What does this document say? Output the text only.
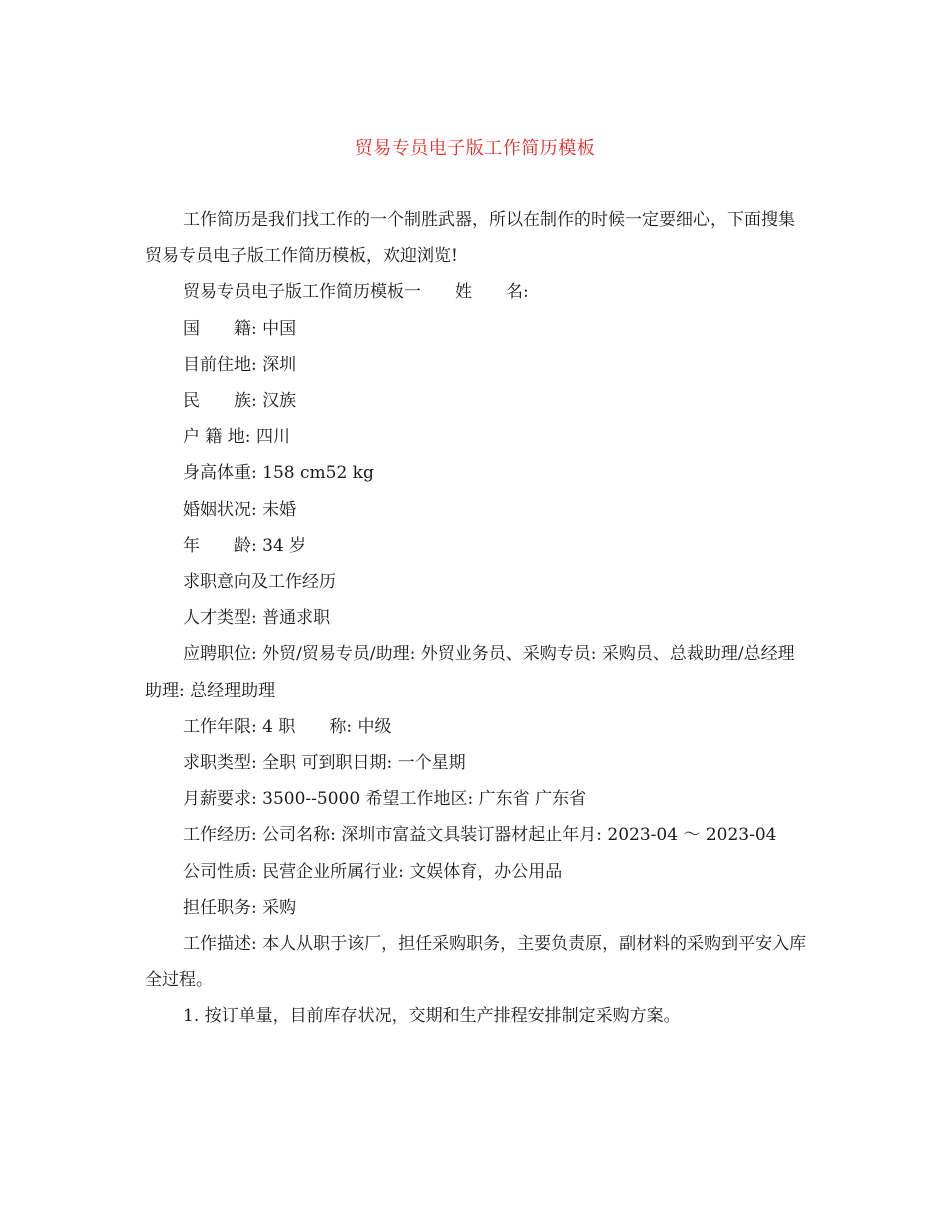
贸易专员电子版工作简历模板

工作简历是我们找工作的一个制胜武器，所以在制作的时候一定要细心，下面搜集贸易专员电子版工作简历模板，欢迎浏览!

贸易专员电子版工作简历模板一　　姓　　名:

国　　籍: 中国

目前住地: 深圳

民　　族: 汉族

户 籍 地: 四川

身高体重: 158 cm52 kg

婚姻状况: 未婚

年　　龄: 34 岁

求职意向及工作经历

人才类型: 普通求职

应聘职位: 外贸/贸易专员/助理: 外贸业务员、采购专员: 采购员、总裁助理/总经理助理: 总经理助理

工作年限: 4 职　　称: 中级

求职类型: 全职 可到职日期: 一个星期

月薪要求: 3500--5000 希望工作地区: 广东省 广东省

工作经历: 公司名称: 深圳市富益文具装订器材起止年月: 2023-04 ～ 2023-04

公司性质: 民营企业所属行业: 文娱体育，办公用品

担任职务: 采购

工作描述: 本人从职于该厂，担任采购职务，主要负责原，副材料的采购到平安入库全过程。

1. 按订单量，目前库存状况，交期和生产排程安排制定采购方案。
